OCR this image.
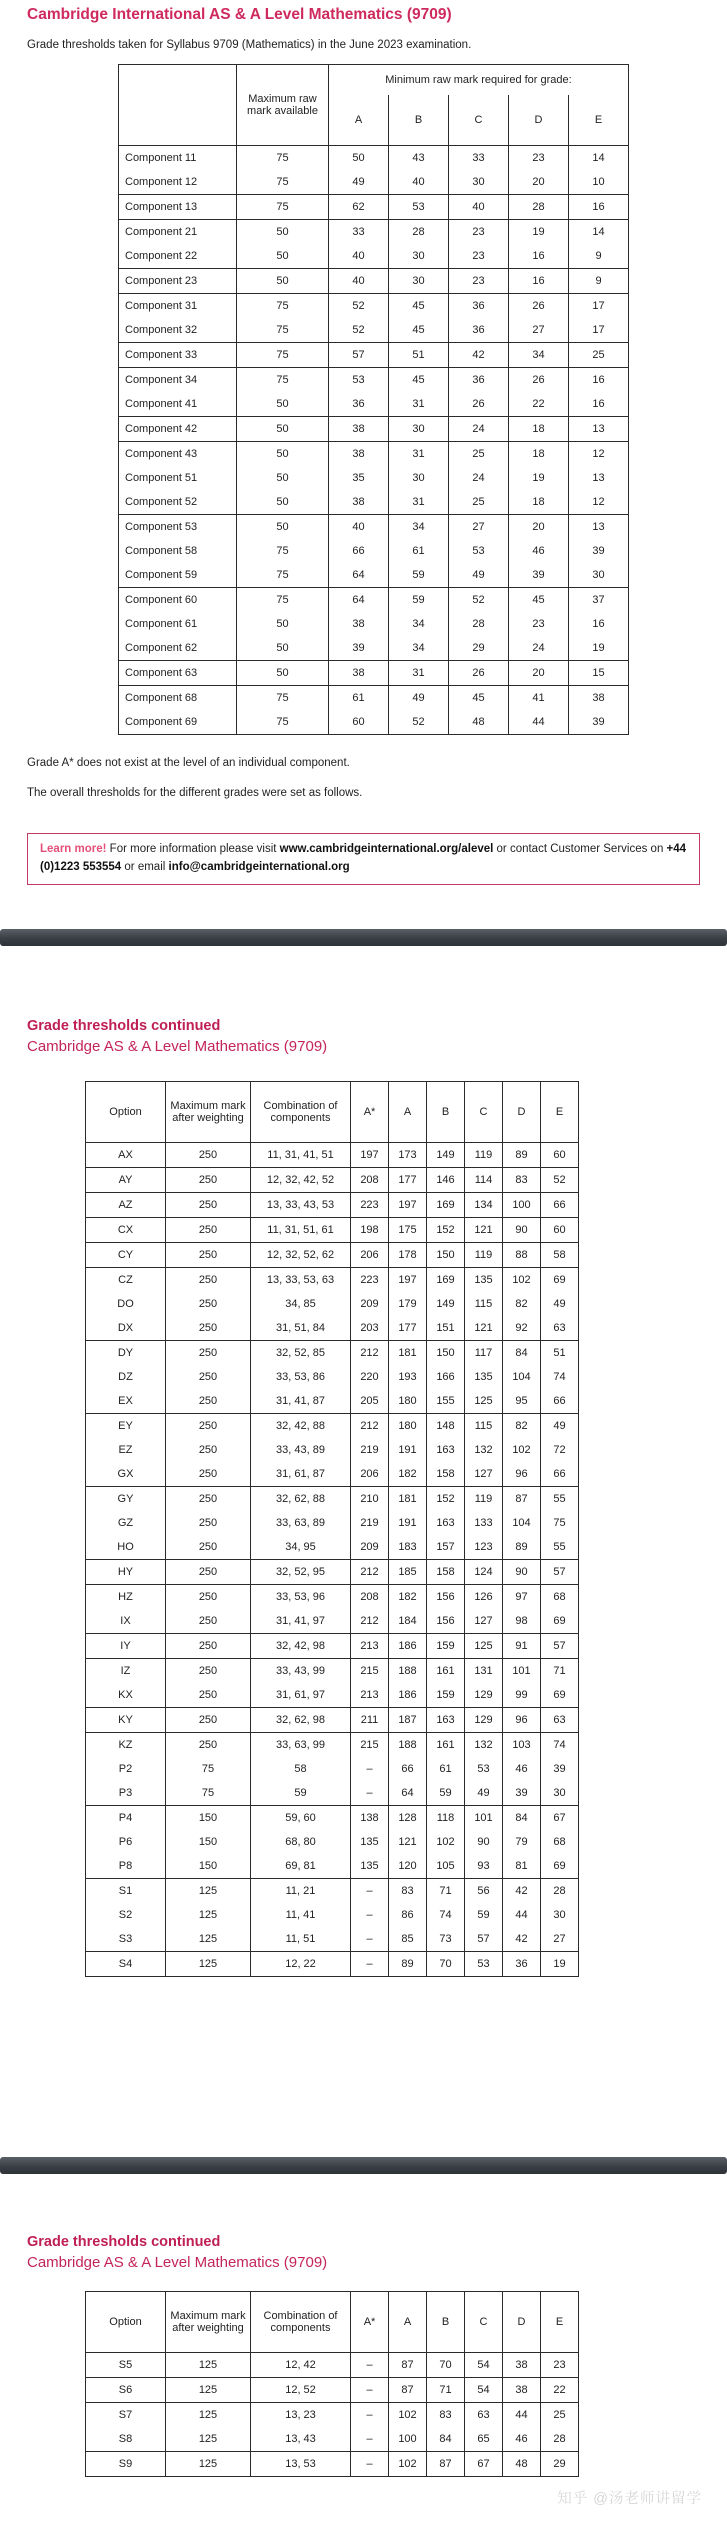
Cambridge International AS & A Level Mathematics (9709)

Grade thresholds taken for Syllabus 9709 (Mathematics) in the June 2023 examination.

	Maximum raw mark available	Minimum raw mark required for grade:				
		A	B	C	D	E
Component 11	75	50	43	33	23	14
Component 12	75	49	40	30	20	10
Component 13	75	62	53	40	28	16
Component 21	50	33	28	23	19	14
Component 22	50	40	30	23	16	9
Component 23	50	40	30	23	16	9
Component 31	75	52	45	36	26	17
Component 32	75	52	45	36	27	17
Component 33	75	57	51	42	34	25
Component 34	75	53	45	36	26	16
Component 41	50	36	31	26	22	16
Component 42	50	38	30	24	18	13
Component 43	50	38	31	25	18	12
Component 51	50	35	30	24	19	13
Component 52	50	38	31	25	18	12
Component 53	50	40	34	27	20	13
Component 58	75	66	61	53	46	39
Component 59	75	64	59	49	39	30
Component 60	75	64	59	52	45	37
Component 61	50	38	34	28	23	16
Component 62	50	39	34	29	24	19
Component 63	50	38	31	26	20	15
Component 68	75	61	49	45	41	38
Component 69	75	60	52	48	44	39

Grade A* does not exist at the level of an individual component.

The overall thresholds for the different grades were set as follows.

Learn more! For more information please visit www.cambridgeinternational.org/alevel or contact Customer Services on +44 (0)1223 553554 or email info@cambridgeinternational.org
Grade thresholds continued
Cambridge AS & A Level Mathematics (9709)
Option	Maximum mark after weighting	Combination of components	A*	A	B	C	D	E
AX	250	11, 31, 41, 51	197	173	149	119	89	60
AY	250	12, 32, 42, 52	208	177	146	114	83	52
AZ	250	13, 33, 43, 53	223	197	169	134	100	66
CX	250	11, 31, 51, 61	198	175	152	121	90	60
CY	250	12, 32, 52, 62	206	178	150	119	88	58
CZ	250	13, 33, 53, 63	223	197	169	135	102	69
DO	250	34, 85	209	179	149	115	82	49
DX	250	31, 51, 84	203	177	151	121	92	63
DY	250	32, 52, 85	212	181	150	117	84	51
DZ	250	33, 53, 86	220	193	166	135	104	74
EX	250	31, 41, 87	205	180	155	125	95	66
EY	250	32, 42, 88	212	180	148	115	82	49
EZ	250	33, 43, 89	219	191	163	132	102	72
GX	250	31, 61, 87	206	182	158	127	96	66
GY	250	32, 62, 88	210	181	152	119	87	55
GZ	250	33, 63, 89	219	191	163	133	104	75
HO	250	34, 95	209	183	157	123	89	55
HY	250	32, 52, 95	212	185	158	124	90	57
HZ	250	33, 53, 96	208	182	156	126	97	68
IX	250	31, 41, 97	212	184	156	127	98	69
IY	250	32, 42, 98	213	186	159	125	91	57
IZ	250	33, 43, 99	215	188	161	131	101	71
KX	250	31, 61, 97	213	186	159	129	99	69
KY	250	32, 62, 98	211	187	163	129	96	63
KZ	250	33, 63, 99	215	188	161	132	103	74
P2	75	58	–	66	61	53	46	39
P3	75	59	–	64	59	49	39	30
P4	150	59, 60	138	128	118	101	84	67
P6	150	68, 80	135	121	102	90	79	68
P8	150	69, 81	135	120	105	93	81	69
S1	125	11, 21	–	83	71	56	42	28
S2	125	11, 41	–	86	74	59	44	30
S3	125	11, 51	–	85	73	57	42	27
S4	125	12, 22	–	89	70	53	36	19
Grade thresholds continued
Cambridge AS & A Level Mathematics (9709)
Option	Maximum mark after weighting	Combination of components	A*	A	B	C	D	E
S5	125	12, 42	–	87	70	54	38	23
S6	125	12, 52	–	87	71	54	38	22
S7	125	13, 23	–	102	83	63	44	25
S8	125	13, 43	–	100	84	65	46	28
S9	125	13, 53	–	102	87	67	48	29
知乎 @汤老师讲留学
